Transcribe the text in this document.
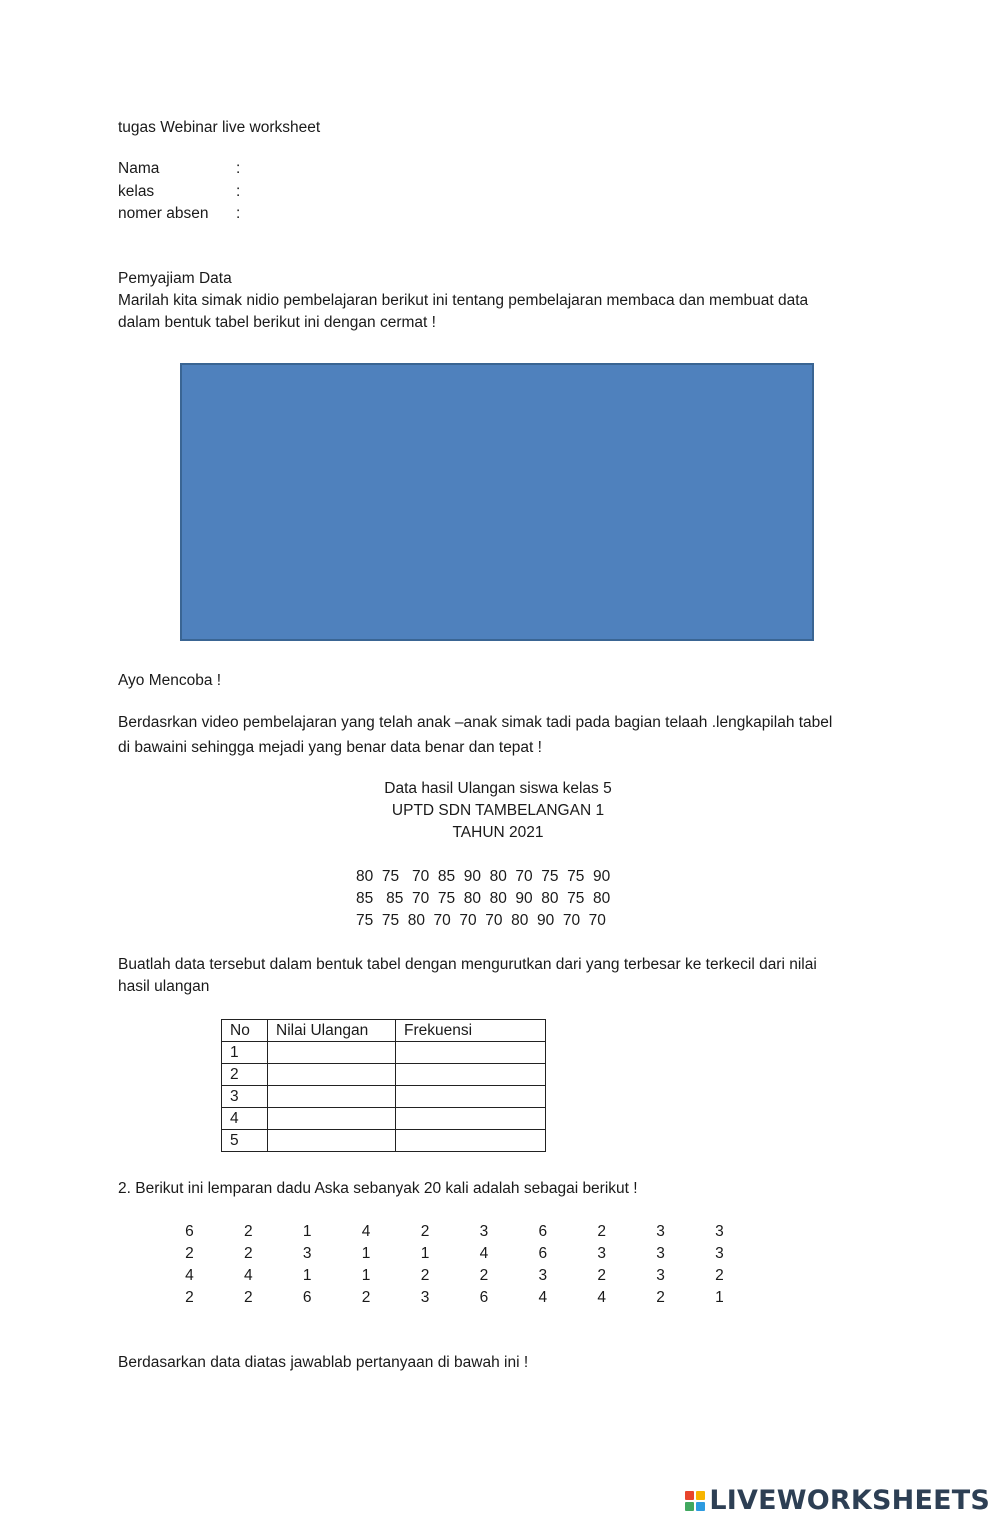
tugas Webinar live worksheet
Nama	:
kelas	:
nomer absen :
Pemyajiam Data
Marilah kita simak nidio pembelajaran berikut ini tentang pembelajaran membaca dan membuat data
dalam bentuk tabel berikut ini dengan cermat !
Ayo Mencoba !
Berdasrkan video pembelajaran yang telah anak –anak simak tadi pada bagian telaah .lengkapilah tabel
di bawaini sehingga mejadi yang benar data benar dan tepat !
Data hasil Ulangan siswa kelas 5
UPTD SDN TAMBELANGAN 1
TAHUN 2021
80  75   70  85  90  80  70  75  75  90
85   85  70  75  80  80  90  80  75  80
75  75  80  70  70  70  80  90  70  70
Buatlah data tersebut dalam bentuk tabel dengan mengurutkan dari yang terbesar ke terkecil dari nilai
hasil ulangan
No	Nilai Ulangan	Frekuensi
1		
2		
3		
4		
5		
2. Berikut ini lemparan dadu Aska sebanyak 20 kali adalah sebagai berikut !
6	2	1	4	2	3	6	2	3	3
2	2	3	1	1	4	6	3	3	3
4	4	1	1	2	2	3	2	3	2
2	2	6	2	3	6	4	4	2	1
Berdasarkan data diatas jawablab pertanyaan di bawah ini !
LIVEWORKSHEETS
